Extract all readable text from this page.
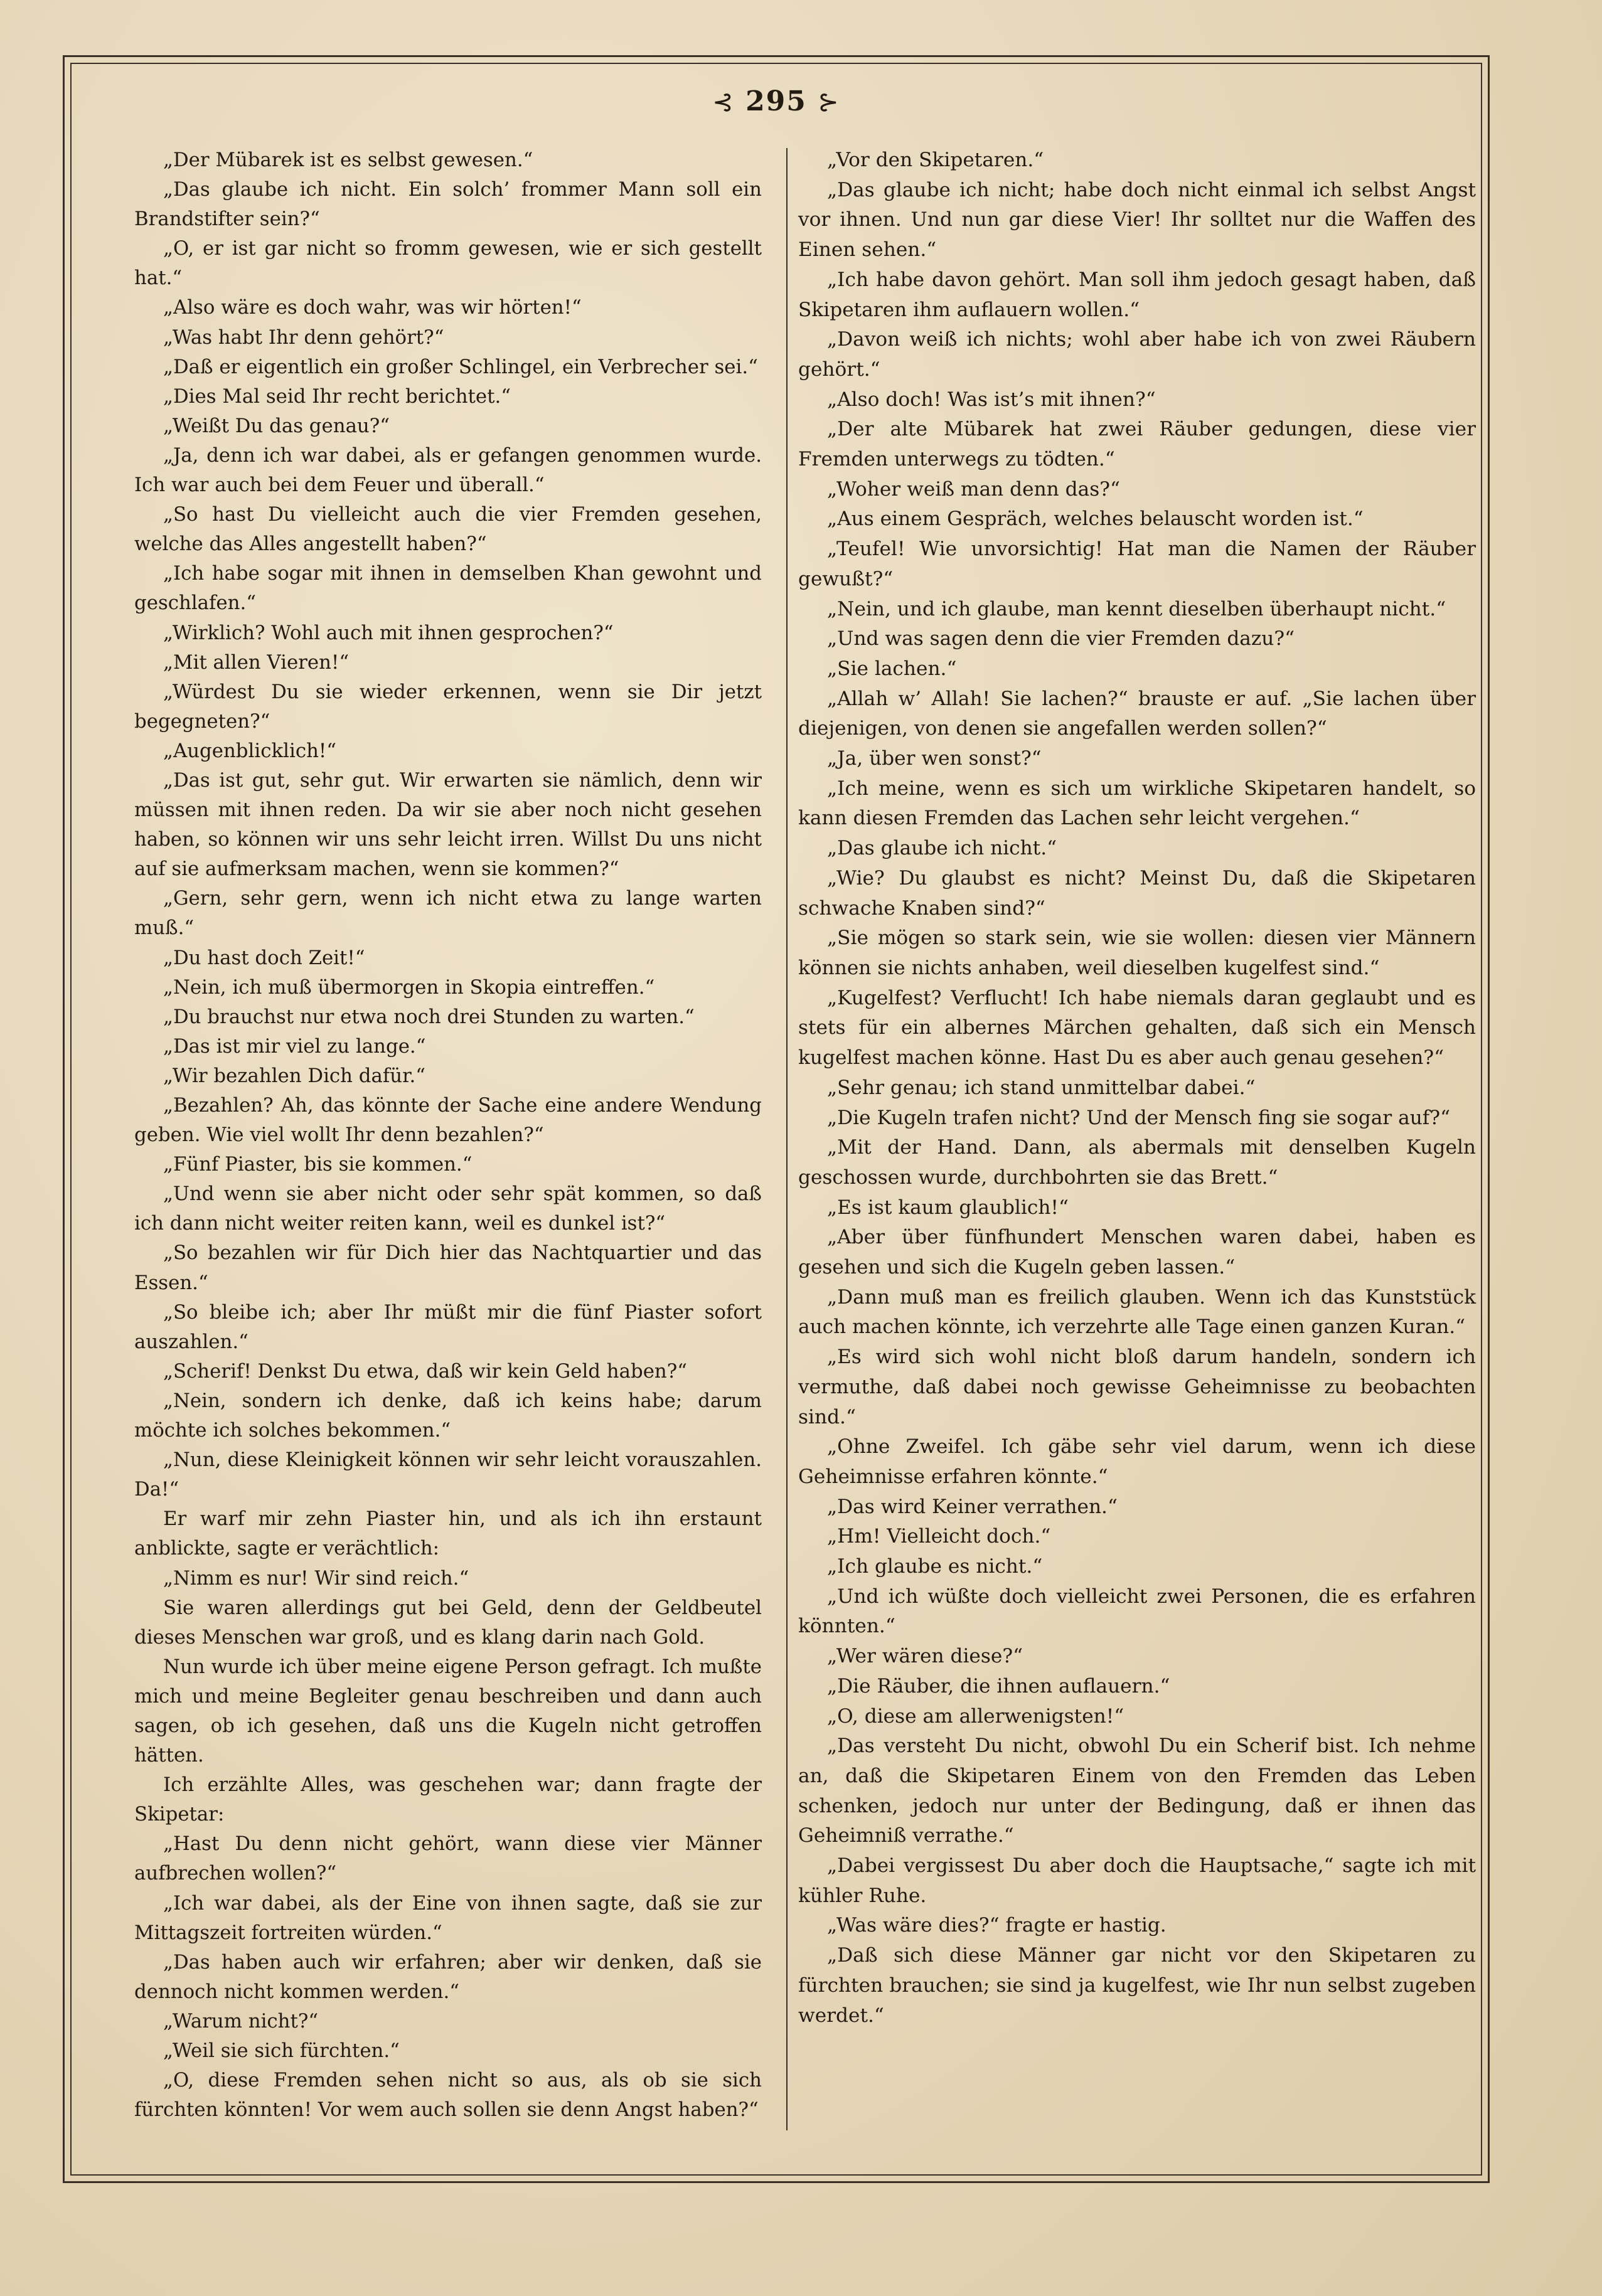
⊰ 295 ⊱

„Der Mübarek ist es selbst gewesen.“

„Das glaube ich nicht. Ein solch’ frommer Mann soll ein Brandstifter sein?“

„O, er ist gar nicht so fromm gewesen, wie er sich gestellt hat.“

„Also wäre es doch wahr, was wir hörten!“

„Was habt Ihr denn gehört?“

„Daß er eigentlich ein großer Schlingel, ein Verbrecher sei.“

„Dies Mal seid Ihr recht berichtet.“

„Weißt Du das genau?“

„Ja, denn ich war dabei, als er gefangen genommen wurde. Ich war auch bei dem Feuer und überall.“

„So hast Du vielleicht auch die vier Fremden gesehen, welche das Alles angestellt haben?“

„Ich habe sogar mit ihnen in demselben Khan gewohnt und geschlafen.“

„Wirklich? Wohl auch mit ihnen gesprochen?“

„Mit allen Vieren!“

„Würdest Du sie wieder erkennen, wenn sie Dir jetzt begegneten?“

„Augenblicklich!“

„Das ist gut, sehr gut. Wir erwarten sie nämlich, denn wir müssen mit ihnen reden. Da wir sie aber noch nicht gesehen haben, so können wir uns sehr leicht irren. Willst Du uns nicht auf sie aufmerksam machen, wenn sie kommen?“

„Gern, sehr gern, wenn ich nicht etwa zu lange warten muß.“

„Du hast doch Zeit!“

„Nein, ich muß übermorgen in Skopia eintreffen.“

„Du brauchst nur etwa noch drei Stunden zu warten.“

„Das ist mir viel zu lange.“

„Wir bezahlen Dich dafür.“

„Bezahlen? Ah, das könnte der Sache eine andere Wendung geben. Wie viel wollt Ihr denn bezahlen?“

„Fünf Piaster, bis sie kommen.“

„Und wenn sie aber nicht oder sehr spät kommen, so daß ich dann nicht weiter reiten kann, weil es dunkel ist?“

„So bezahlen wir für Dich hier das Nachtquartier und das Essen.“

„So bleibe ich; aber Ihr müßt mir die fünf Piaster sofort auszahlen.“

„Scherif! Denkst Du etwa, daß wir kein Geld haben?“

„Nein, sondern ich denke, daß ich keins habe; darum möchte ich solches bekommen.“

„Nun, diese Kleinigkeit können wir sehr leicht vorauszahlen. Da!“

Er warf mir zehn Piaster hin, und als ich ihn erstaunt anblickte, sagte er verächtlich:

„Nimm es nur! Wir sind reich.“

Sie waren allerdings gut bei Geld, denn der Geldbeutel dieses Menschen war groß, und es klang darin nach Gold.

Nun wurde ich über meine eigene Person gefragt. Ich mußte mich und meine Begleiter genau beschreiben und dann auch sagen, ob ich gesehen, daß uns die Kugeln nicht getroffen hätten.

Ich erzählte Alles, was geschehen war; dann fragte der Skipetar:

„Hast Du denn nicht gehört, wann diese vier Männer aufbrechen wollen?“

„Ich war dabei, als der Eine von ihnen sagte, daß sie zur Mittagszeit fortreiten würden.“

„Das haben auch wir erfahren; aber wir denken, daß sie dennoch nicht kommen werden.“

„Warum nicht?“

„Weil sie sich fürchten.“

„O, diese Fremden sehen nicht so aus, als ob sie sich fürchten könnten! Vor wem auch sollen sie denn Angst haben?“

„Vor den Skipetaren.“

„Das glaube ich nicht; habe doch nicht einmal ich selbst Angst vor ihnen. Und nun gar diese Vier! Ihr solltet nur die Waffen des Einen sehen.“

„Ich habe davon gehört. Man soll ihm jedoch gesagt haben, daß Skipetaren ihm auflauern wollen.“

„Davon weiß ich nichts; wohl aber habe ich von zwei Räubern gehört.“

„Also doch! Was ist’s mit ihnen?“

„Der alte Mübarek hat zwei Räuber gedungen, diese vier Fremden unterwegs zu tödten.“

„Woher weiß man denn das?“

„Aus einem Gespräch, welches belauscht worden ist.“

„Teufel! Wie unvorsichtig! Hat man die Namen der Räuber gewußt?“

„Nein, und ich glaube, man kennt dieselben überhaupt nicht.“

„Und was sagen denn die vier Fremden dazu?“

„Sie lachen.“

„Allah w’ Allah! Sie lachen?“ brauste er auf. „Sie lachen über diejenigen, von denen sie angefallen werden sollen?“

„Ja, über wen sonst?“

„Ich meine, wenn es sich um wirkliche Skipetaren handelt, so kann diesen Fremden das Lachen sehr leicht vergehen.“

„Das glaube ich nicht.“

„Wie? Du glaubst es nicht? Meinst Du, daß die Skipetaren schwache Knaben sind?“

„Sie mögen so stark sein, wie sie wollen: diesen vier Männern können sie nichts anhaben, weil dieselben kugelfest sind.“

„Kugelfest? Verflucht! Ich habe niemals daran geglaubt und es stets für ein albernes Märchen gehalten, daß sich ein Mensch kugelfest machen könne. Hast Du es aber auch genau gesehen?“

„Sehr genau; ich stand unmittelbar dabei.“

„Die Kugeln trafen nicht? Und der Mensch fing sie sogar auf?“

„Mit der Hand. Dann, als abermals mit denselben Kugeln geschossen wurde, durchbohrten sie das Brett.“

„Es ist kaum glaublich!“

„Aber über fünfhundert Menschen waren dabei, haben es gesehen und sich die Kugeln geben lassen.“

„Dann muß man es freilich glauben. Wenn ich das Kunststück auch machen könnte, ich verzehrte alle Tage einen ganzen Kuran.“

„Es wird sich wohl nicht bloß darum handeln, sondern ich vermuthe, daß dabei noch gewisse Geheimnisse zu beobachten sind.“

„Ohne Zweifel. Ich gäbe sehr viel darum, wenn ich diese Geheimnisse erfahren könnte.“

„Das wird Keiner verrathen.“

„Hm! Vielleicht doch.“

„Ich glaube es nicht.“

„Und ich wüßte doch vielleicht zwei Personen, die es erfahren könnten.“

„Wer wären diese?“

„Die Räuber, die ihnen auflauern.“

„O, diese am allerwenigsten!“

„Das versteht Du nicht, obwohl Du ein Scherif bist. Ich nehme an, daß die Skipetaren Einem von den Fremden das Leben schenken, jedoch nur unter der Bedingung, daß er ihnen das Geheimniß verrathe.“

„Dabei vergissest Du aber doch die Hauptsache,“ sagte ich mit kühler Ruhe.

„Was wäre dies?“ fragte er hastig.

„Daß sich diese Männer gar nicht vor den Skipetaren zu fürchten brauchen; sie sind ja kugelfest, wie Ihr nun selbst zugeben werdet.“
